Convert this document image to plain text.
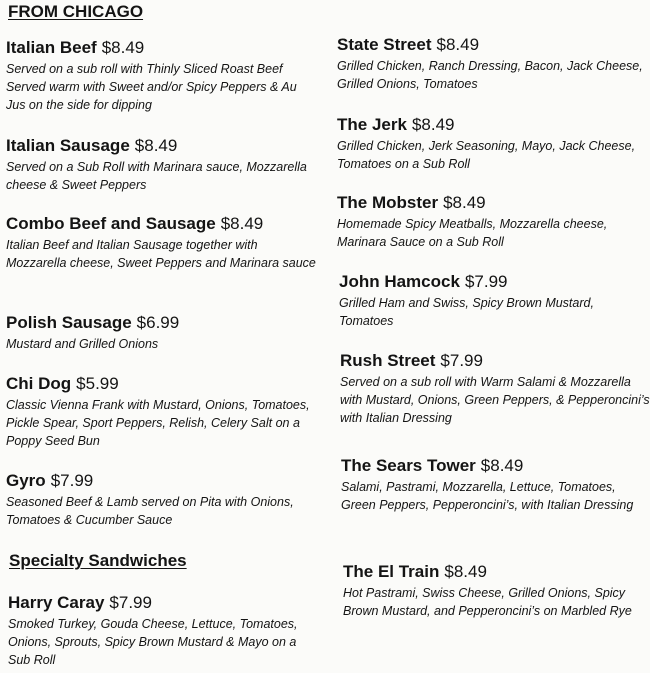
FROM CHICAGO
Italian Beef $8.49
Served on a sub roll with Thinly Sliced Roast Beef Served warm with Sweet and/or Spicy Peppers & Au Jus on the side for dipping
Italian Sausage $8.49
Served on a Sub Roll with Marinara sauce, Mozzarella cheese & Sweet Peppers
Combo Beef and Sausage $8.49
Italian Beef and Italian Sausage together with Mozzarella cheese, Sweet Peppers and Marinara sauce
Polish Sausage $6.99
Mustard and Grilled Onions
Chi Dog $5.99
Classic Vienna Frank with Mustard, Onions, Tomatoes, Pickle Spear, Sport Peppers, Relish, Celery Salt on a Poppy Seed Bun
Gyro $7.99
Seasoned Beef & Lamb served on Pita with Onions, Tomatoes & Cucumber Sauce
Specialty Sandwiches
Harry Caray $7.99
Smoked Turkey, Gouda Cheese, Lettuce, Tomatoes, Onions, Sprouts, Spicy Brown Mustard & Mayo on a Sub Roll
State Street $8.49
Grilled Chicken, Ranch Dressing, Bacon, Jack Cheese, Grilled Onions, Tomatoes
The Jerk $8.49
Grilled Chicken, Jerk Seasoning, Mayo, Jack Cheese, Tomatoes on a Sub Roll
The Mobster $8.49
Homemade Spicy Meatballs, Mozzarella cheese, Marinara Sauce on a Sub Roll
John Hamcock $7.99
Grilled Ham and Swiss, Spicy Brown Mustard, Tomatoes
Rush Street $7.99
Served on a sub roll with Warm Salami & Mozzarella with Mustard, Onions, Green Peppers, & Pepperoncini’s with Italian Dressing
The Sears Tower $8.49
Salami, Pastrami, Mozzarella, Lettuce, Tomatoes, Green Peppers, Pepperoncini’s, with Italian Dressing
The El Train $8.49
Hot Pastrami, Swiss Cheese, Grilled Onions, Spicy Brown Mustard, and Pepperoncini’s on Marbled Rye
